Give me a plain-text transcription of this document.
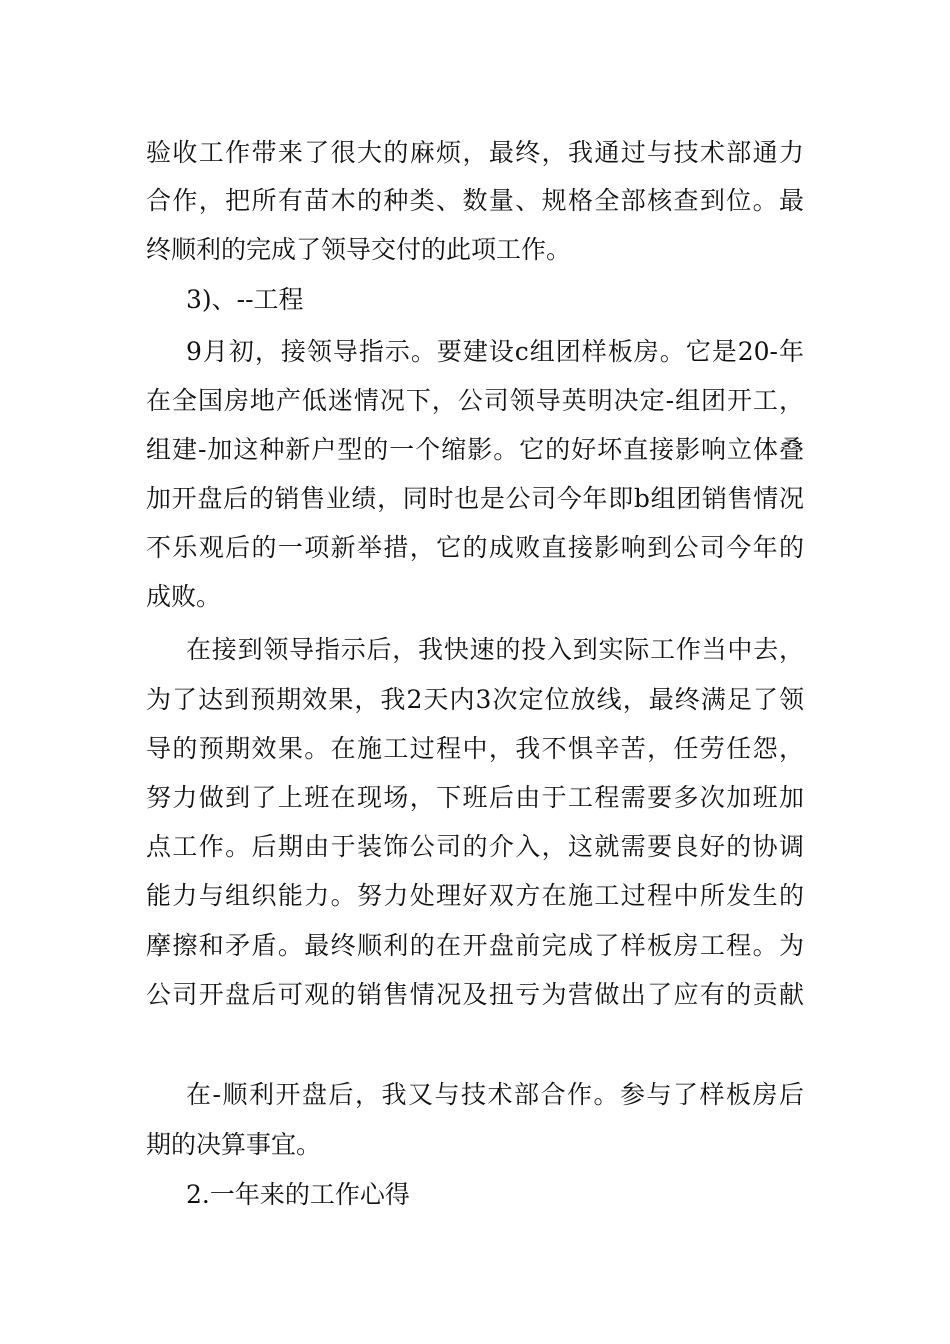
验收工作带来了很大的麻烦，最终，我通过与技术部通力
合作，把所有苗木的种类、数量、规格全部核查到位。最
终顺利的完成了领导交付的此项工作。
3)、--工程
9月初，接领导指示。要建设c组团样板房。它是20-年
在全国房地产低迷情况下，公司领导英明决定-组团开工，
组建-加这种新户型的一个缩影。它的好坏直接影响立体叠
加开盘后的销售业绩，同时也是公司今年即b组团销售情况
不乐观后的一项新举措，它的成败直接影响到公司今年的
成败。
在接到领导指示后，我快速的投入到实际工作当中去，
为了达到预期效果，我2天内3次定位放线，最终满足了领
导的预期效果。在施工过程中，我不惧辛苦，任劳任怨，
努力做到了上班在现场，下班后由于工程需要多次加班加
点工作。后期由于装饰公司的介入，这就需要良好的协调
能力与组织能力。努力处理好双方在施工过程中所发生的
摩擦和矛盾。最终顺利的在开盘前完成了样板房工程。为
公司开盘后可观的销售情况及扭亏为营做出了应有的贡献
在-顺利开盘后，我又与技术部合作。参与了样板房后
期的决算事宜。
2.一年来的工作心得
